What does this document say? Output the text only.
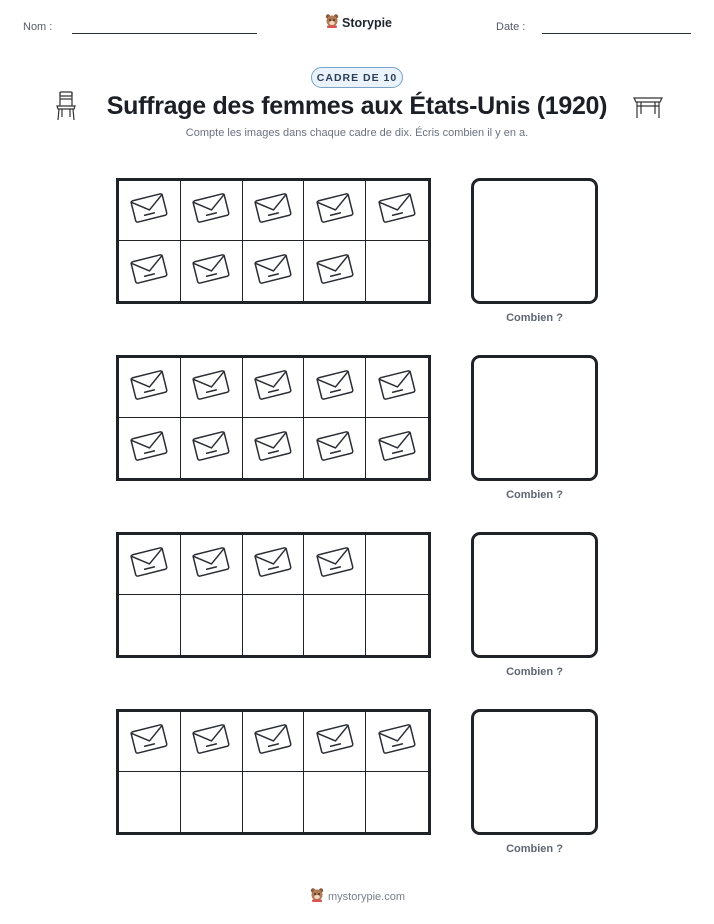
Nom :	Storypie	Date :
CADRE DE 10
Suffrage des femmes aux États-Unis (1920)
Compte les images dans chaque cadre de dix. Écris combien il y en a.
Combien ?
Combien ?
Combien ?
Combien ?
mystorypie.com
